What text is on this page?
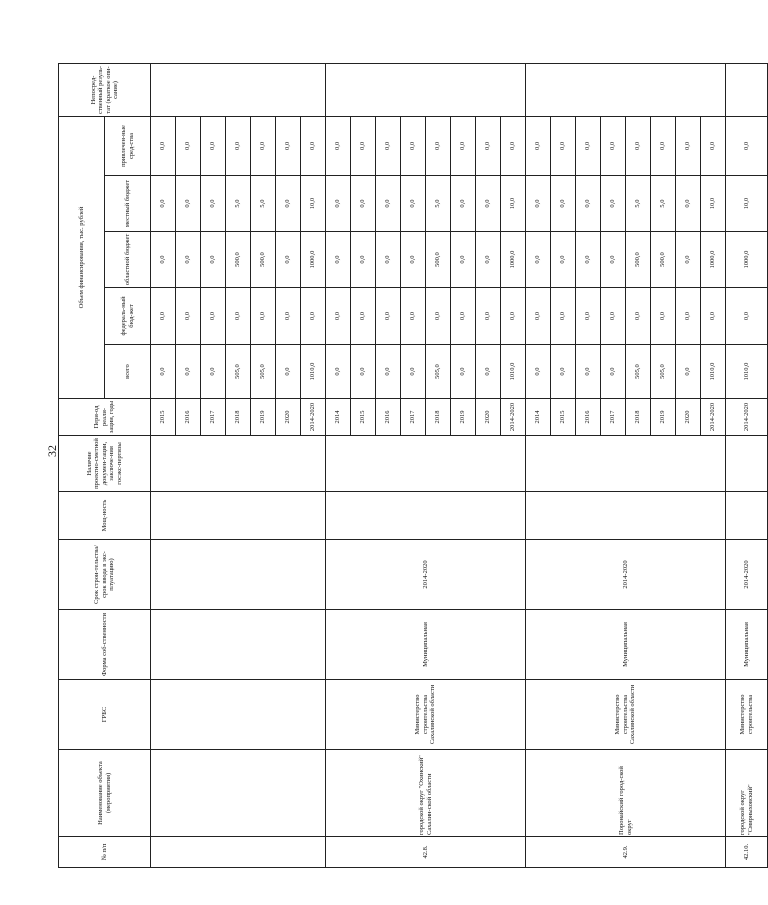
32
№ п/п	Наименование объекта (мероприятия)	ГРБС	Форма соб-ственности	Срок строи-тельства/срок ввода в экс-плуатацию)	Мощ-ность	Наличие проектно-сметной докумен-тации, заключе-ния госэкс-пертизы	Пери-од реали-зации, годы	Объем финансирования, тыс. рублей					Непосред-ственный резуль-тат (краткое опи-сание)
								всего	федераль-ный бюд-жет	областной бюджет	местный бюджет	привлечен-ные сред-ства	
							2015	0,0	0,0	0,0	0,0	0,0	
							2016	0,0	0,0	0,0	0,0	0,0	
							2017	0,0	0,0	0,0	0,0	0,0	
							2018	505,0	0,0	500,0	5,0	0,0	
							2019	505,0	0,0	500,0	5,0	0,0	
							2020	0,0	0,0	0,0	0,0	0,0	
							2014-2020	1010,0	0,0	1000,0	10,0	0,0	
42.8.	городской округ "Охинский" Сахалин-ской области	Министерство строительства Сахалинской области	Муниципальная	2014-2020			2014	0,0	0,0	0,0	0,0	0,0	
							2015	0,0	0,0	0,0	0,0	0,0	
							2016	0,0	0,0	0,0	0,0	0,0	
							2017	0,0	0,0	0,0	0,0	0,0	
							2018	505,0	0,0	500,0	5,0	0,0	
							2019	0,0	0,0	0,0	0,0	0,0	
							2020	0,0	0,0	0,0	0,0	0,0	
							2014-2020	1010,0	0,0	1000,0	10,0	0,0	
42.9.	Поронайский город-ской округ	Министерство строительства Сахалинской области	Муниципальная	2014-2020			2014	0,0	0,0	0,0	0,0	0,0	
							2015	0,0	0,0	0,0	0,0	0,0	
							2016	0,0	0,0	0,0	0,0	0,0	
							2017	0,0	0,0	0,0	0,0	0,0	
							2018	505,0	0,0	500,0	5,0	0,0	
							2019	505,0	0,0	500,0	5,0	0,0	
							2020	0,0	0,0	0,0	0,0	0,0	
							2014-2020	1010,0	0,0	1000,0	10,0	0,0	
42.10.	городской округ "Смирныховский"	Министерство строительства	Муниципальная	2014-2020			2014-2020	1010,0	0,0	1000,0	10,0	0,0	
